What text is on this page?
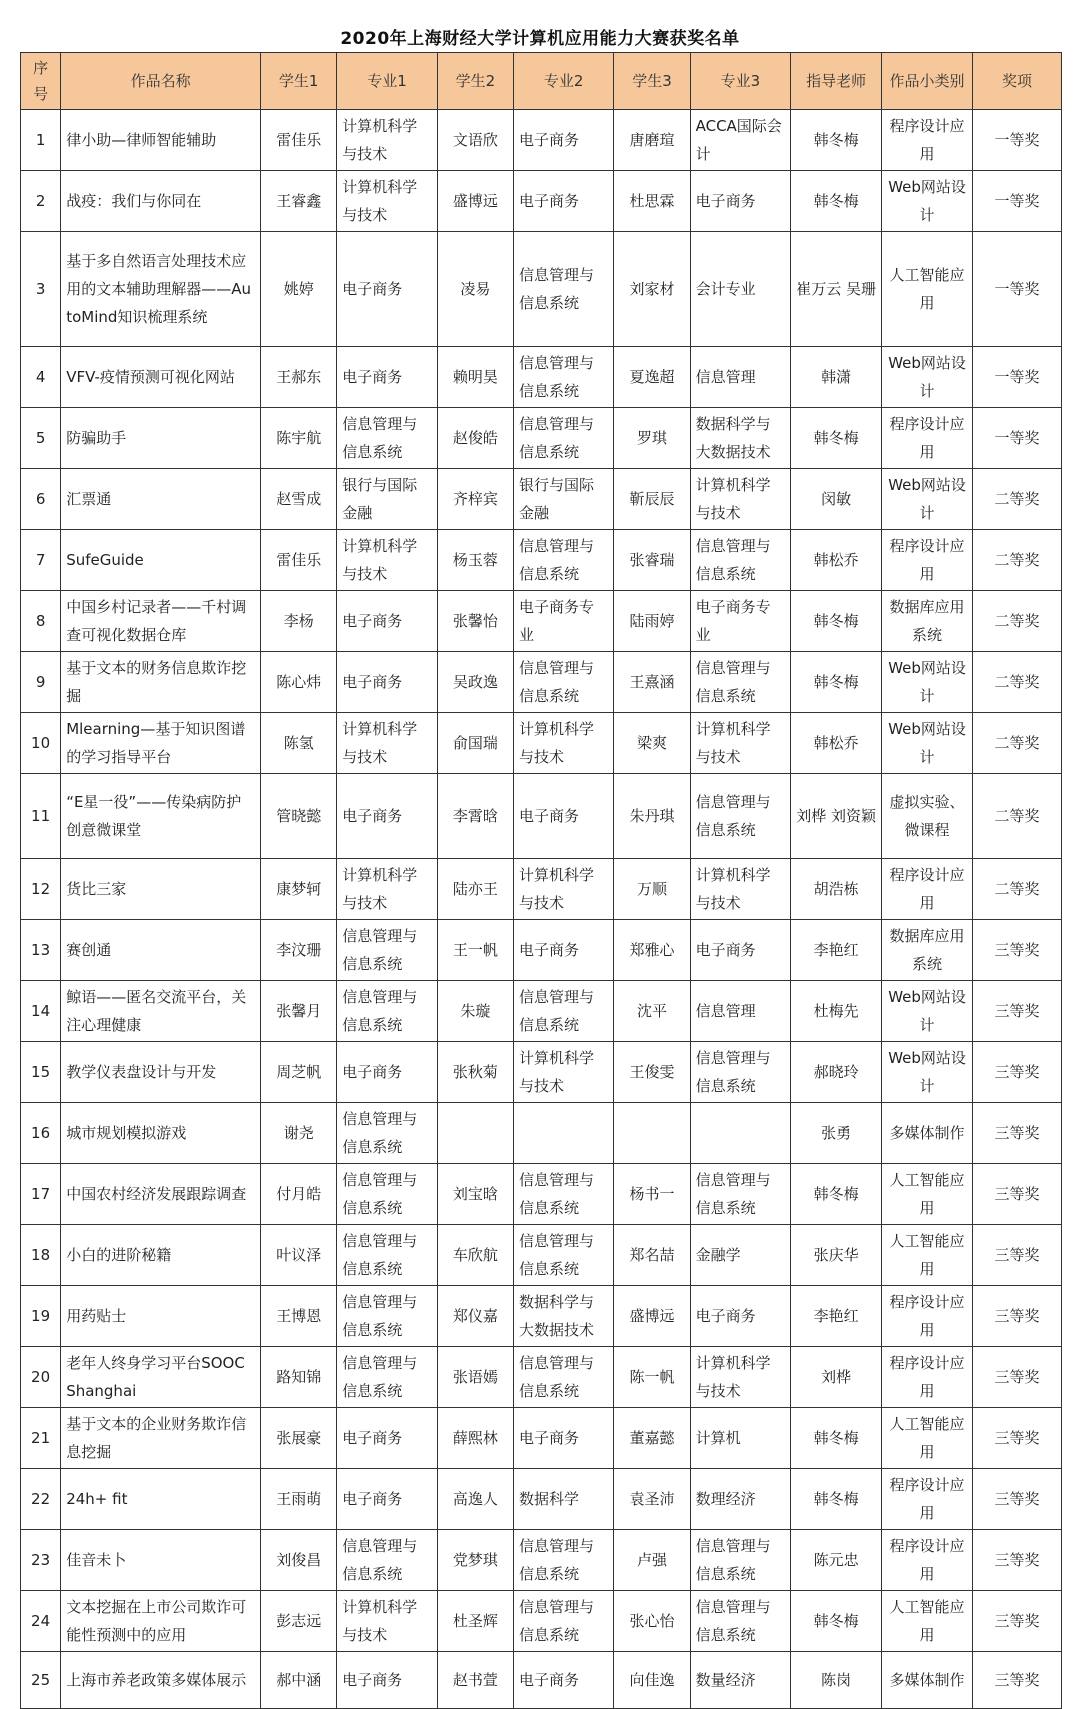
2020年上海财经大学计算机应用能力大赛获奖名单
序号	作品名称	学生1	专业1	学生2	专业2	学生3	专业3	指导老师	作品小类别	奖项
1	律小助—律师智能辅助	雷佳乐	计算机科学与技术	文语欣	电子商务	唐磨瑄	ACCA国际会计	韩冬梅	程序设计应用	一等奖
2	战疫：我们与你同在	王睿鑫	计算机科学与技术	盛博远	电子商务	杜思霖	电子商务	韩冬梅	Web网站设计	一等奖
3	基于多自然语言处理技术应用的文本辅助理解器——AutoMind知识梳理系统	姚婷	电子商务	凌易	信息管理与信息系统	刘家材	会计专业	崔万云 吴珊	人工智能应用	一等奖
4	VFV-疫情预测可视化网站	王郝东	电子商务	赖明昊	信息管理与信息系统	夏逸超	信息管理	韩潇	Web网站设计	一等奖
5	防骗助手	陈宇航	信息管理与信息系统	赵俊皓	信息管理与信息系统	罗琪	数据科学与大数据技术	韩冬梅	程序设计应用	一等奖
6	汇票通	赵雪成	银行与国际金融	齐梓宾	银行与国际金融	靳辰辰	计算机科学与技术	闵敏	Web网站设计	二等奖
7	SufeGuide	雷佳乐	计算机科学与技术	杨玉蓉	信息管理与信息系统	张睿瑞	信息管理与信息系统	韩松乔	程序设计应用	二等奖
8	中国乡村记录者——千村调查可视化数据仓库	李杨	电子商务	张馨怡	电子商务专业	陆雨婷	电子商务专业	韩冬梅	数据库应用系统	二等奖
9	基于文本的财务信息欺诈挖掘	陈心炜	电子商务	吴政逸	信息管理与信息系统	王熹涵	信息管理与信息系统	韩冬梅	Web网站设计	二等奖
10	Mlearning—基于知识图谱的学习指导平台	陈氢	计算机科学与技术	俞国瑞	计算机科学与技术	梁爽	计算机科学与技术	韩松乔	Web网站设计	二等奖
11	“E星一役”——传染病防护创意微课堂	管晓懿	电子商务	李霄晗	电子商务	朱丹琪	信息管理与信息系统	刘桦 刘资颖	虚拟实验、微课程	二等奖
12	货比三家	康梦轲	计算机科学与技术	陆亦王	计算机科学与技术	万顺	计算机科学与技术	胡浩栋	程序设计应用	二等奖
13	赛创通	李汶珊	信息管理与信息系统	王一帆	电子商务	郑雅心	电子商务	李艳红	数据库应用系统	三等奖
14	鲸语——匿名交流平台，关注心理健康	张馨月	信息管理与信息系统	朱璇	信息管理与信息系统	沈平	信息管理	杜梅先	Web网站设计	三等奖
15	教学仪表盘设计与开发	周芝帆	电子商务	张秋菊	计算机科学与技术	王俊雯	信息管理与信息系统	郝晓玲	Web网站设计	三等奖
16	城市规划模拟游戏	谢尧	信息管理与信息系统					张勇	多媒体制作	三等奖
17	中国农村经济发展跟踪调查	付月皓	信息管理与信息系统	刘宝晗	信息管理与信息系统	杨书一	信息管理与信息系统	韩冬梅	人工智能应用	三等奖
18	小白的进阶秘籍	叶议泽	信息管理与信息系统	车欣航	信息管理与信息系统	郑名喆	金融学	张庆华	人工智能应用	三等奖
19	用药贴士	王博恩	信息管理与信息系统	郑仪嘉	数据科学与大数据技术	盛博远	电子商务	李艳红	程序设计应用	三等奖
20	老年人终身学习平台SOOC Shanghai	路知锦	信息管理与信息系统	张语嫣	信息管理与信息系统	陈一帆	计算机科学与技术	刘桦	程序设计应用	三等奖
21	基于文本的企业财务欺诈信息挖掘	张展豪	电子商务	薛熙林	电子商务	董嘉懿	计算机	韩冬梅	人工智能应用	三等奖
22	24h+ fit	王雨萌	电子商务	高逸人	数据科学	袁圣沛	数理经济	韩冬梅	程序设计应用	三等奖
23	佳音未卜	刘俊昌	信息管理与信息系统	党梦琪	信息管理与信息系统	卢强	信息管理与信息系统	陈元忠	程序设计应用	三等奖
24	文本挖掘在上市公司欺诈可能性预测中的应用	彭志远	计算机科学与技术	杜圣辉	信息管理与信息系统	张心怡	信息管理与信息系统	韩冬梅	人工智能应用	三等奖
25	上海市养老政策多媒体展示	郝中涵	电子商务	赵书萱	电子商务	向佳逸	数量经济	陈岗	多媒体制作	三等奖
